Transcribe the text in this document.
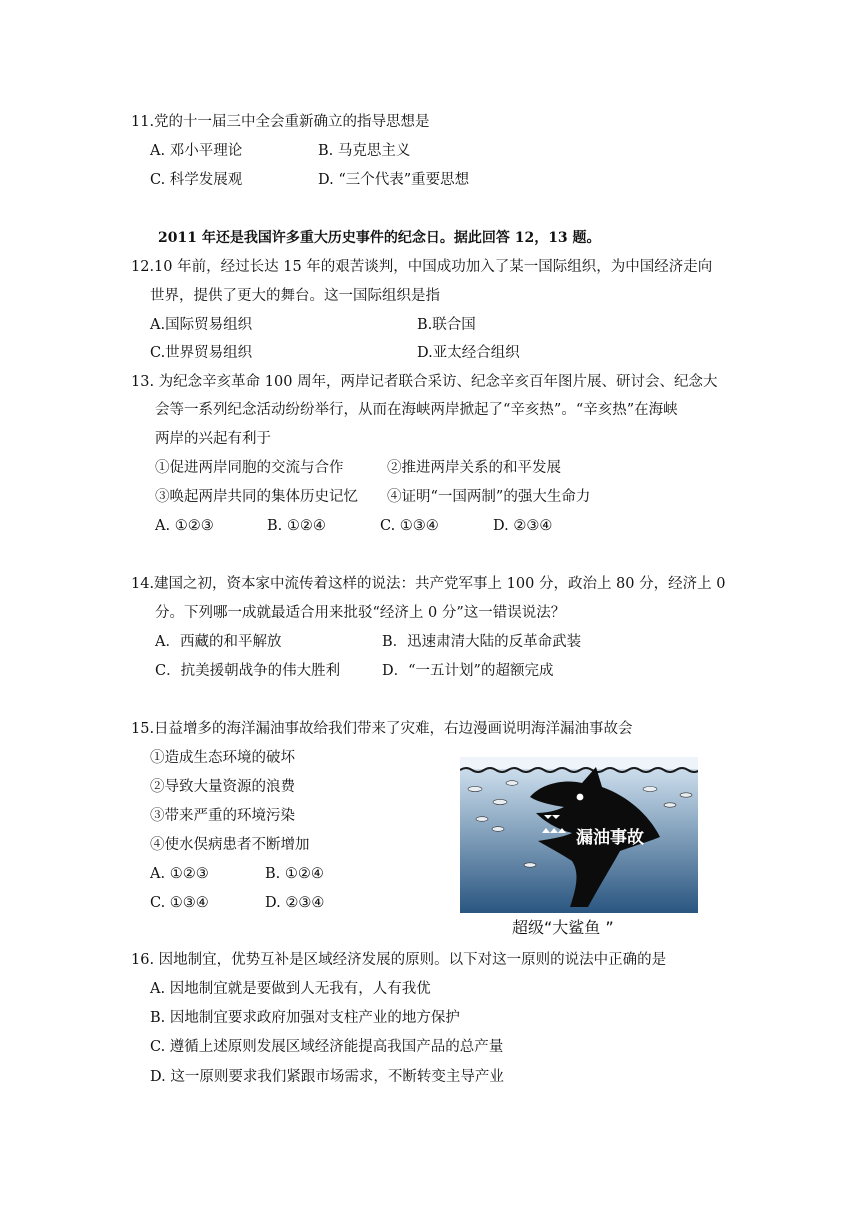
11.党的十一届三中全会重新确立的指导思想是
A. 邓小平理论	B. 马克思主义
C. 科学发展观	D. “三个代表”重要思想
2011 年还是我国许多重大历史事件的纪念日。据此回答 12，13 题。
12.10 年前，经过长达 15 年的艰苦谈判，中国成功加入了某一国际组织，为中国经济走向
世界，提供了更大的舞台。这一国际组织是指
A.国际贸易组织	B.联合国
C.世界贸易组织	D.亚太经合组织
13. 为纪念辛亥革命 100 周年，两岸记者联合采访、纪念辛亥百年图片展、研讨会、纪念大
会等一系列纪念活动纷纷举行，从而在海峡两岸掀起了“辛亥热”。“辛亥热”在海峡
两岸的兴起有利于
①促进两岸同胞的交流与合作	②推进两岸关系的和平发展
③唤起两岸共同的集体历史记忆 ④证明“一国两制”的强大生命力
A. ①②③	B. ①②④	C. ①③④	D. ②③④
14.建国之初，资本家中流传着这样的说法：共产党军事上 100 分，政治上 80 分，经济上 0
分。下列哪一成就最适合用来批驳“经济上 0 分”这一错误说法？
A．西藏的和平解放	B．迅速肃清大陆的反革命武装
C．抗美援朝战争的伟大胜利	D．“一五计划”的超额完成
15.日益增多的海洋漏油事故给我们带来了灾难，右边漫画说明海洋漏油事故会
①造成生态环境的破坏
②导致大量资源的浪费
③带来严重的环境污染
④使水俣病患者不断增加
A. ①②③	B. ①②④
C. ①③④	D. ②③④
漏油事故
超级“大鲨鱼 ”
16. 因地制宜，优势互补是区域经济发展的原则。以下对这一原则的说法中正确的是
A. 因地制宜就是要做到人无我有，人有我优
B. 因地制宜要求政府加强对支柱产业的地方保护
C. 遵循上述原则发展区域经济能提高我国产品的总产量
D. 这一原则要求我们紧跟市场需求，不断转变主导产业
